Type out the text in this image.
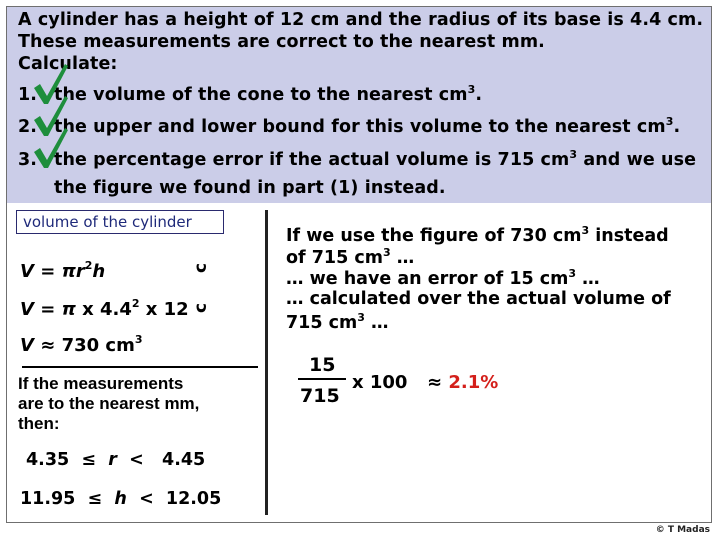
A cylinder has a height of 12 cm and the radius of its base is 4.4 cm.
These measurements are correct to the nearest mm.
Calculate:
1. the volume of the cone to the nearest $cm^3$.
2. the upper and lower bound for this volume to the nearest $cm^3$.
3. the percentage error if the actual volume is 715 $cm^3$ and we use
the figure we found in part (1) instead.
volume of the cylinder
$V = \pi r^2h$	c
V = π x $4.4^2$ x 12 c
V ≈ 730 $cm^3$
If the measurements
are to the nearest mm,
then:
4.35 ≤ r < 4.45
11.95 ≤ h < 12.05
If we use the figure of 730 $cm^3$ instead
of 715 $cm^3$ …
… we have an error of 15 $cm^3$ …
… calculated over the actual volume of
715 $cm^3$ …
15
715
x 100 ≈ 2.1%
© T Madas
